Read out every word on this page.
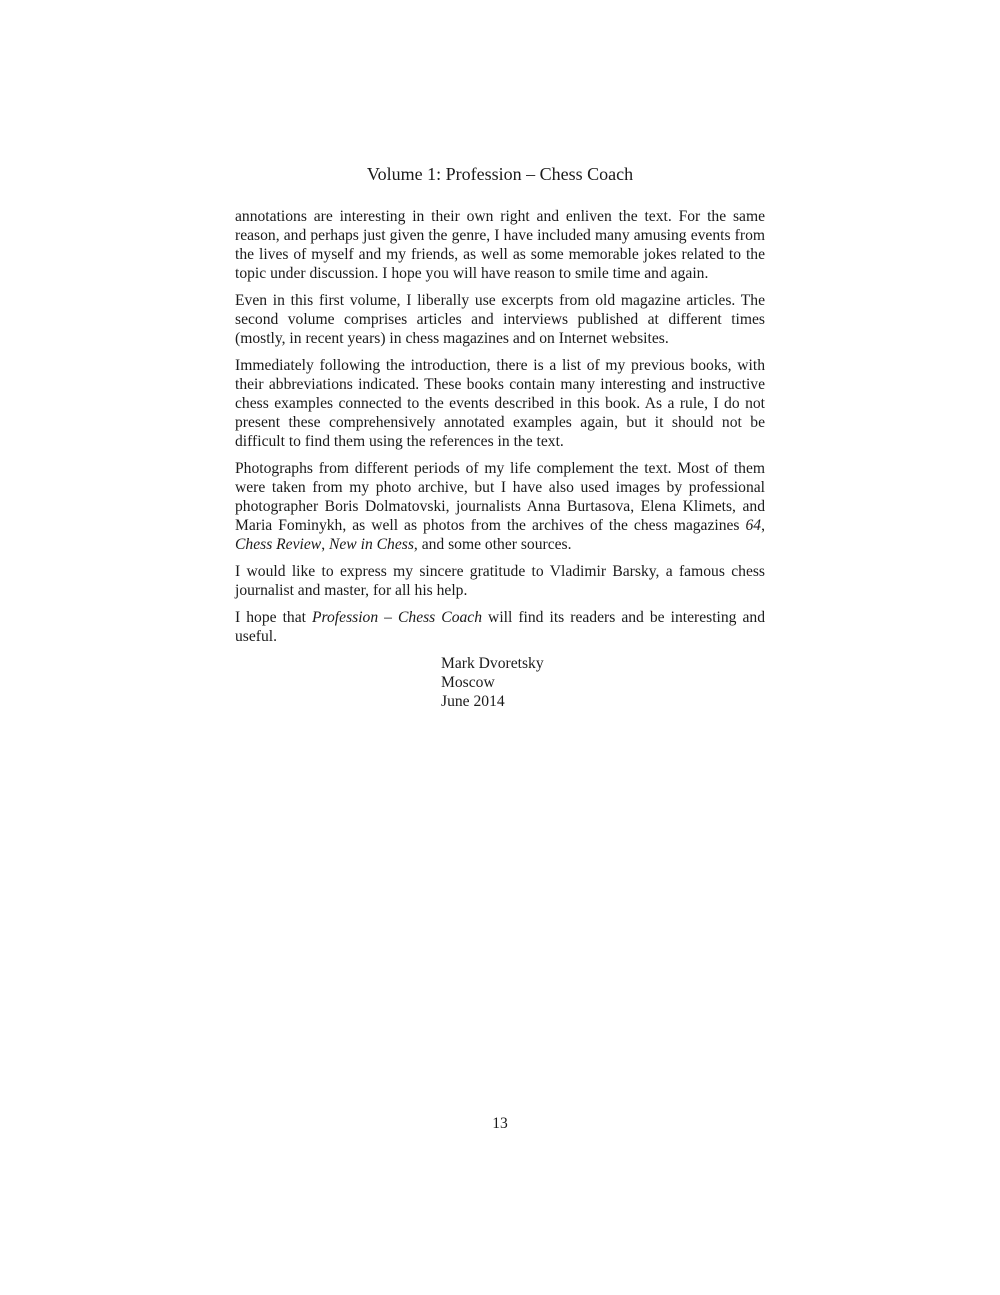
Volume 1: Profession – Chess Coach

annotations are interesting in their own right and enliven the text. For the same reason, and perhaps just given the genre, I have included many amusing events from the lives of myself and my friends, as well as some memorable jokes related to the topic under discussion. I hope you will have reason to smile time and again.

Even in this first volume, I liberally use excerpts from old magazine articles. The second volume comprises articles and interviews published at different times (mostly, in recent years) in chess magazines and on Internet websites.

Immediately following the introduction, there is a list of my previous books, with their abbreviations indicated. These books contain many interesting and instructive chess examples connected to the events described in this book. As a rule, I do not present these comprehensively annotated examples again, but it should not be difficult to find them using the references in the text.

Photographs from different periods of my life complement the text. Most of them were taken from my photo archive, but I have also used images by professional photographer Boris Dolmatovski, journalists Anna Burtasova, Elena Klimets, and Maria Fominykh, as well as photos from the archives of the chess magazines 64, Chess Review, New in Chess, and some other sources.

I would like to express my sincere gratitude to Vladimir Barsky, a famous chess journalist and master, for all his help.

I hope that Profession – Chess Coach will find its readers and be interesting and useful.

Mark Dvoretsky
Moscow
June 2014
13
